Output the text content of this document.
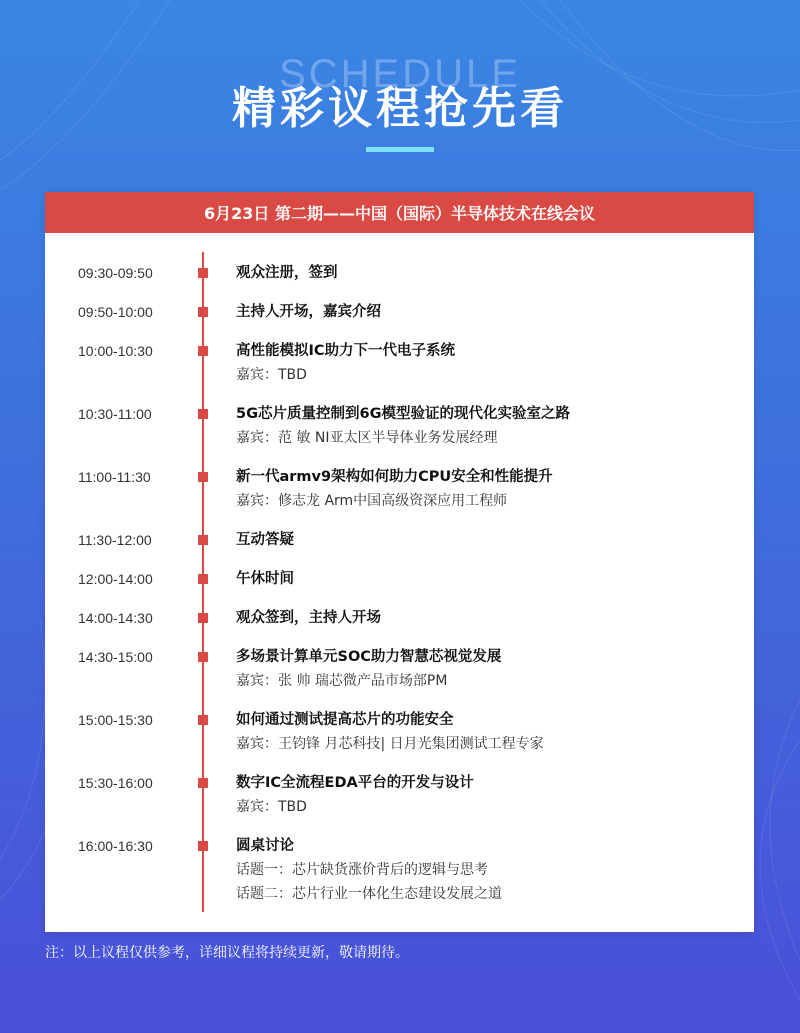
SCHEDULE
精彩议程抢先看
6月23日 第二期——中国（国际）半导体技术在线会议
09:30-09:50	观众注册，签到
09:50-10:00	主持人开场，嘉宾介绍
10:00-10:30	高性能模拟IC助力下一代电子系统
嘉宾：TBD
10:30-11:00	5G芯片质量控制到6G模型验证的现代化实验室之路
嘉宾：范 敏 NI亚太区半导体业务发展经理
11:00-11:30	新一代armv9架构如何助力CPU安全和性能提升
嘉宾：修志龙 Arm中国高级资深应用工程师
11:30-12:00	互动答疑
12:00-14:00	午休时间
14:00-14:30	观众签到，主持人开场
14:30-15:00	多场景计算单元SOC助力智慧芯视觉发展
嘉宾：张 帅 瑞芯微产品市场部PM
15:00-15:30	如何通过测试提高芯片的功能安全
嘉宾：王钧锋 月芯科技| 日月光集团测试工程专家
15:30-16:00	数字IC全流程EDA平台的开发与设计
嘉宾：TBD
16:00-16:30	圆桌讨论
话题一：芯片缺货涨价背后的逻辑与思考
话题二：芯片行业一体化生态建设发展之道
注：以上议程仅供参考，详细议程将持续更新，敬请期待。
